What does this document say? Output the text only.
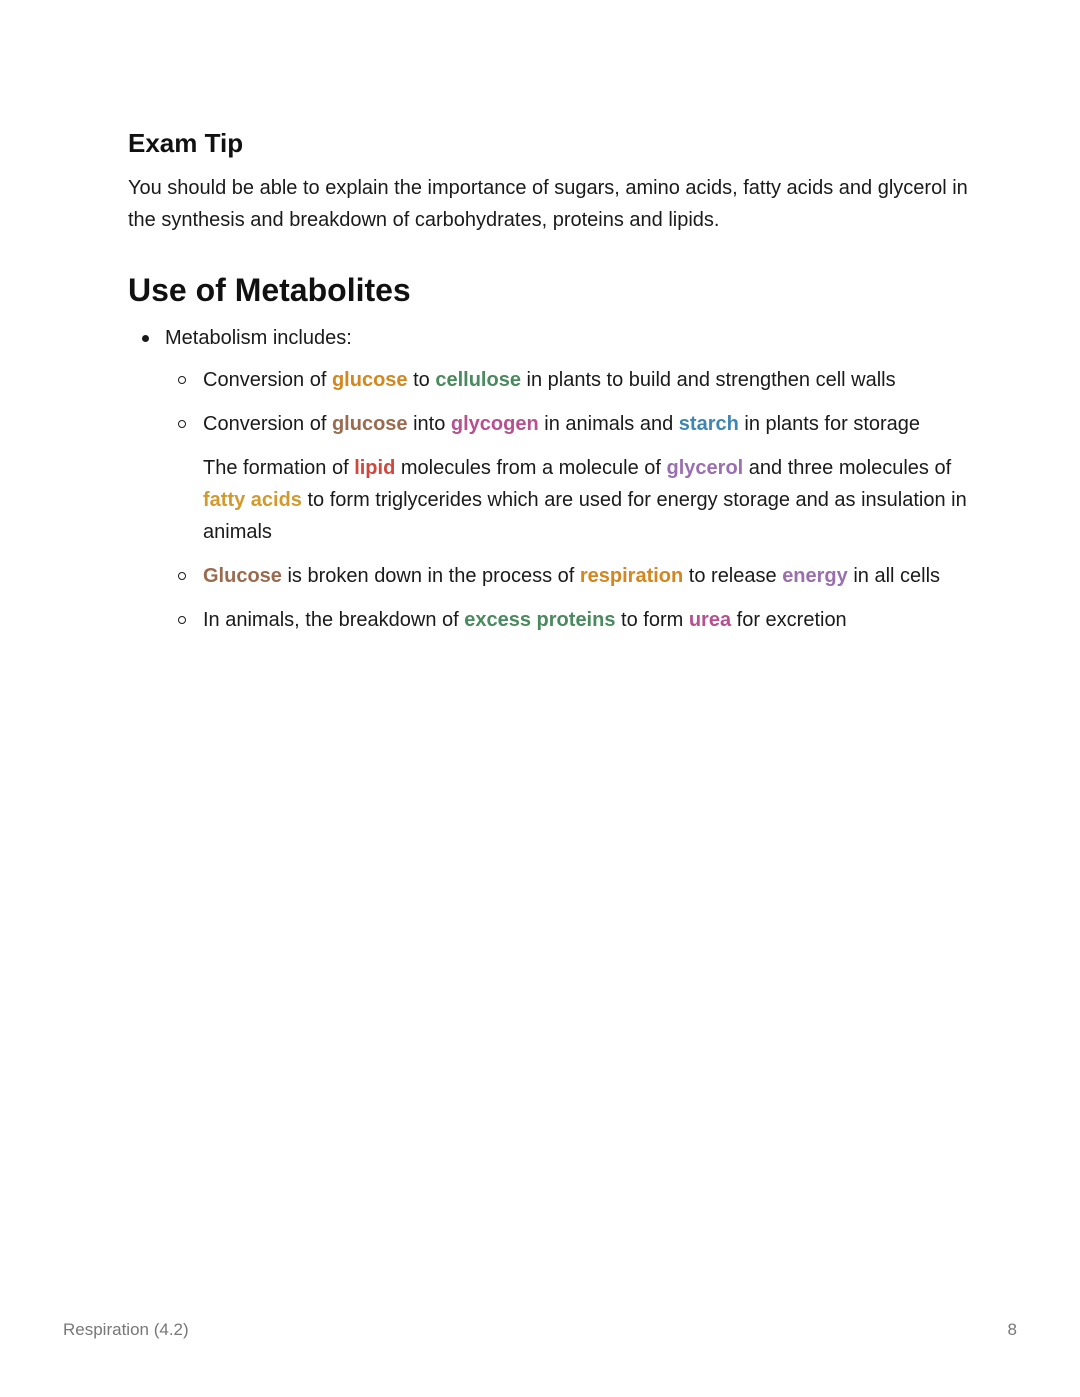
Exam Tip

You should be able to explain the importance of sugars, amino acids, fatty acids and glycerol in the synthesis and breakdown of carbohydrates, proteins and lipids.

Use of Metabolites
Metabolism includes:
Conversion of glucose to cellulose in plants to build and strengthen cell walls
Conversion of glucose into glycogen in animals and starch in plants for storage

The formation of lipid molecules from a molecule of glycerol and three molecules of fatty acids to form triglycerides which are used for energy storage and as insulation in animals

Glucose is broken down in the process of respiration to release energy in all cells
In animals, the breakdown of excess proteins to form urea for excretion
Respiration (4.2)	8
